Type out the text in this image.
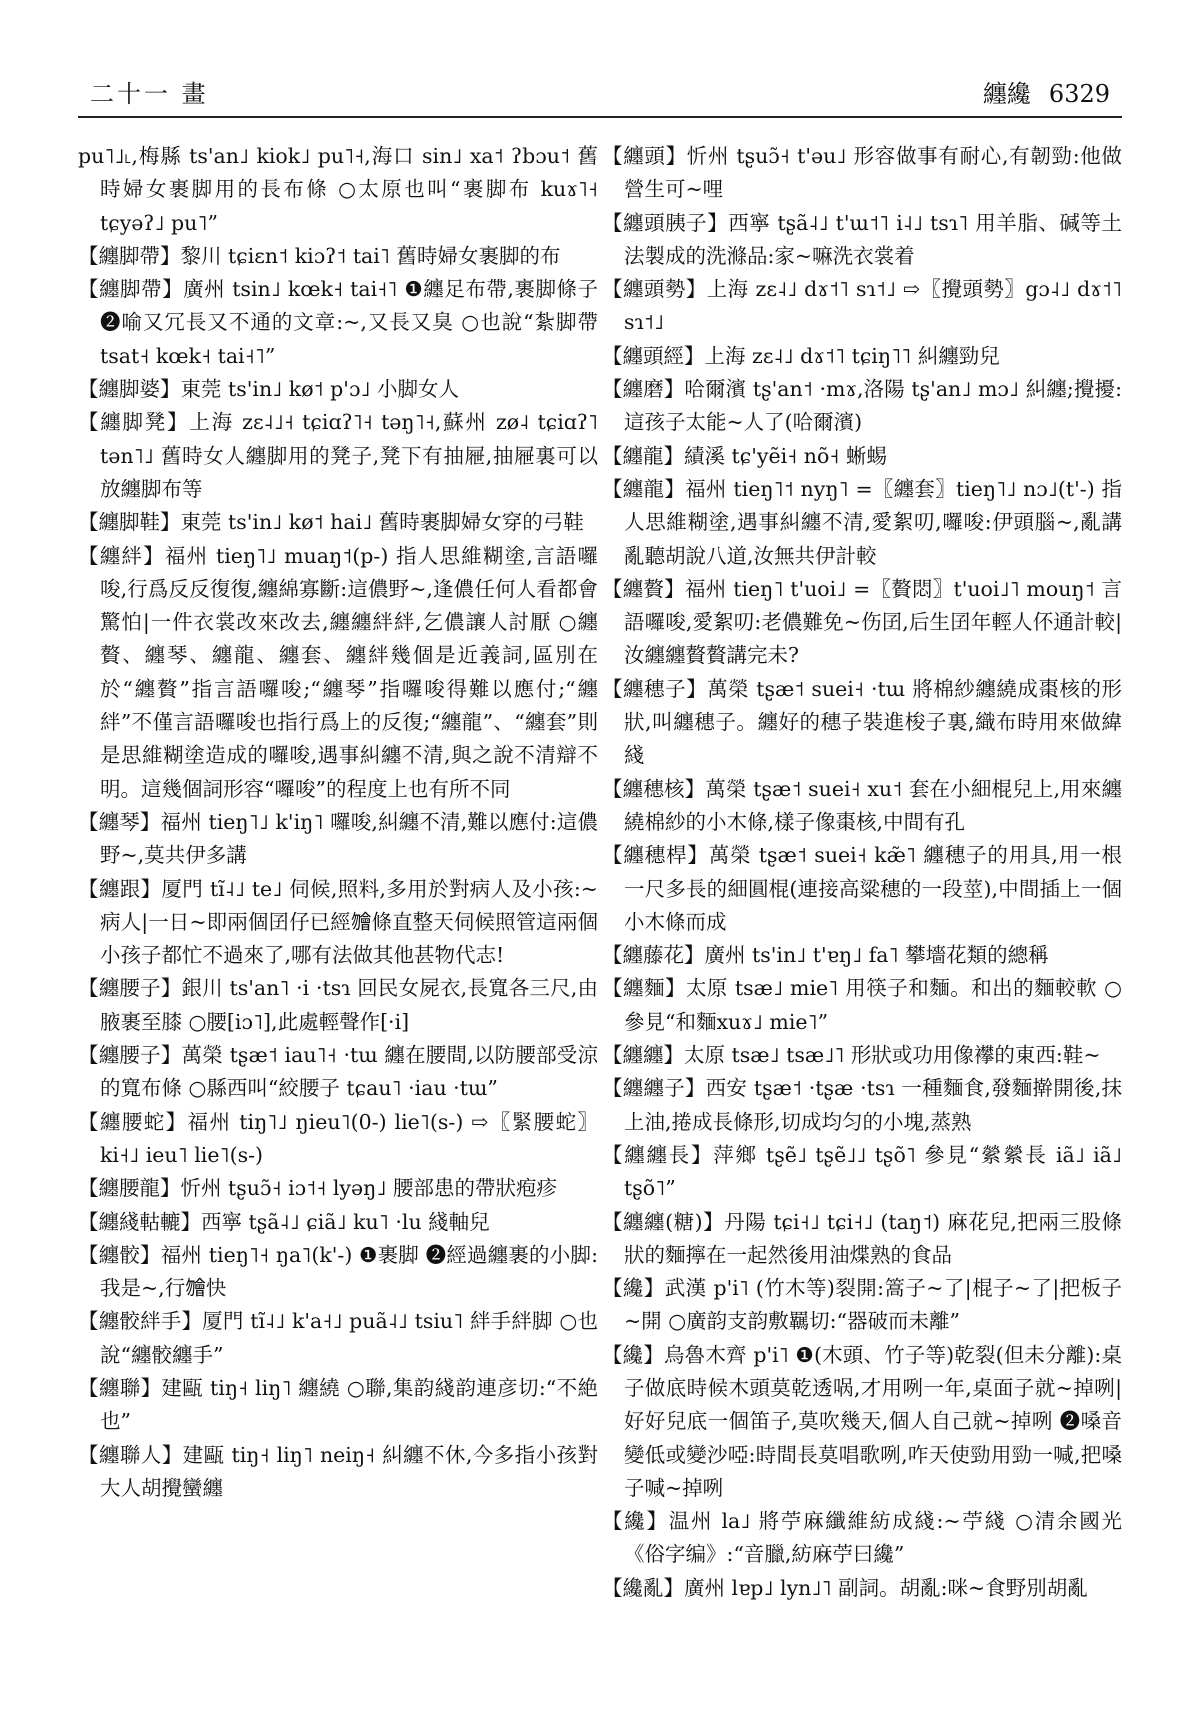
二十一 畫	纏纔 6329

pu˥˩˪,梅縣 ts'an˩ kiok˩ pu˥˧,海口 sin˩ xa˦ ʔbɔu˦ 舊時婦女裹脚用的長布條 ○太原也叫“裹脚布 kuɤ˥˧ tɕyəʔ˩ pu˥”

【纏脚帶】黎川 tɕiɛn˦ kiɔʔ˦ tai˥ 舊時婦女裹脚的布

【纏脚帶】廣州 tsin˩ kœk˧ tai˧˥ ❶纏足布帶,裹脚條子 ❷喻又冗長又不通的文章:~,又長又臭 ○也說“紮脚帶 tsat˧ kœk˧ tai˧˥”

【纏脚婆】東莞 ts'in˩ kø˦ p'ɔ˩ 小脚女人

【纏脚凳】上海 zɛ˨˩˧ tɕiɑʔ˥˧ təŋ˥˧,蘇州 zø˨ tɕiɑʔ˥ tən˥˩ 舊時女人纏脚用的凳子,凳下有抽屜,抽屜裏可以放纏脚布等

【纏脚鞋】東莞 ts'in˩ kø˦ hai˩ 舊時裹脚婦女穿的弓鞋

【纏絆】福州 tieŋ˥˩ muaŋ˦(p-) 指人思維糊塗,言語囉唆,行爲反反復復,纏綿寡斷:這儂野~,逢儂任何人看都會驚怕|一件衣裳改來改去,纏纏絆絆,乞儂讓人討厭 ○纏贅、纏琴、纏龍、纏套、纏絆幾個是近義詞,區別在於“纏贅”指言語囉唆;“纏琴”指囉唆得難以應付;“纏絆”不僅言語囉唆也指行爲上的反復;“纏龍”、“纏套”則是思維糊塗造成的囉唆,遇事糾纏不清,與之說不清辯不明。這幾個詞形容“囉唆”的程度上也有所不同

【纏琴】福州 tieŋ˥˩ k'iŋ˥ 囉唆,糾纏不清,難以應付:這儂野~,莫共伊多講

【纏跟】厦門 tĩ˨˩ te˩ 伺候,照料,多用於對病人及小孩:~病人|一日~即兩個囝仔已經𣍐條直整天伺候照管這兩個小孩子都忙不過來了,哪有法做其他甚物代志!

【纏腰子】銀川 ts'an˥ ·i ·tsɿ 回民女屍衣,長寬各三尺,由腋裹至膝 ○腰[iɔ˥],此處輕聲作[·i]

【纏腰子】萬榮 tʂæ˦ iau˥˧ ·tɯ 纏在腰間,以防腰部受涼的寬布條 ○縣西叫“絞腰子 tɕau˥ ·iau ·tɯ”

【纏腰蛇】福州 tiŋ˥˩ ŋieu˥(0-) lie˥(s-) ⇨〖緊腰蛇〗ki˧˩ ieu˥ lie˥(s-)

【纏腰龍】忻州 tʂuɔ̃˧ iɔ˦˧ lyəŋ˩ 腰部患的帶狀疱疹

【纏綫軲轆】西寧 tʂã˨˩ ɕiã˩ ku˥ ·lu 綫軸兒

【纏骹】福州 tieŋ˥˧ ŋa˥(k'-) ❶裹脚 ❷經過纏裹的小脚:我是~,行𣍐快

【纏骹絆手】厦門 tĩ˨˩ k'a˧˩ puã˨˩ tsiu˥ 絆手絆脚 ○也說“纏骹纏手”

【纏聯】建甌 tiŋ˧ liŋ˥ 纏繞 ○聯,集韵綫韵連彦切:“不絶也”

【纏聯人】建甌 tiŋ˧ liŋ˥ neiŋ˧ 糾纏不休,今多指小孩對大人胡攪蠻纏

【纏頭】忻州 tʂuɔ̃˧ t'əu˩ 形容做事有耐心,有韌勁:他做營生可~哩

【纏頭胰子】西寧 tʂã˨˩ t'ɯ˦˥ i˨˩ tsɿ˥ 用羊脂、碱等土法製成的洗滌品:家~嘛洗衣裳着

【纏頭勢】上海 zɛ˨˩ dɤ˦˥ sɿ˦˩ ⇨〖攪頭勢〗gɔ˨˩ dɤ˦˥ sɿ˦˩

【纏頭經】上海 zɛ˨˩ dɤ˦˥ tɕiŋ˥˥ 糾纏勁兒

【纏磨】哈爾濱 tʂ'an˦ ·mɤ,洛陽 tʂ'an˩ mɔ˩ 糾纏;攪擾:這孩子太能~人了(哈爾濱)

【纏龍】績溪 tɕ'yẽi˧ nõ˧ 蜥蜴

【纏龍】福州 tieŋ˥˦ nyŋ˥ =〖纏套〗tieŋ˥˩ nɔ˩(t'-) 指人思維糊塗,遇事糾纏不清,愛絮叨,囉唆:伊頭腦~,亂講亂聽胡說八道,汝無共伊計較

【纏贅】福州 tieŋ˥ t'uoi˩ =〖贅悶〗t'uoi˩˥ mouŋ˦ 言語囉唆,愛絮叨:老儂難免~伤囝,后生囝年輕人伓通計較|汝纏纏贅贅講完未?

【纏穗子】萬榮 tʂæ˦ suei˧ ·tɯ 將棉紗纏繞成棗核的形狀,叫纏穗子。纏好的穗子裝進梭子裏,織布時用來做緯綫

【纏穗核】萬榮 tʂæ˦ suei˧ xu˦ 套在小細棍兒上,用來纏繞棉紗的小木條,樣子像棗核,中間有孔

【纏穗桿】萬榮 tʂæ˦ suei˧ kæ̃˥ 纏穗子的用具,用一根一尺多長的細圓棍(連接高粱穗的一段莖),中間插上一個小木條而成

【纏藤花】廣州 ts'in˩ t'ɐŋ˩ fa˥ 攀墻花類的總稱

【纏麵】太原 tsæ˩ mie˥ 用筷子和麵。和出的麵較軟 ○參見“和麵xuɤ˩ mie˥”

【纏纏】太原 tsæ˩ tsæ˩˥ 形狀或功用像襻的東西:鞋~

【纏纏子】西安 tʂæ˦ ·tʂæ ·tsɿ 一種麵食,發麵擀開後,抹上油,捲成長條形,切成均匀的小塊,蒸熟

【纏纏長】萍鄉 tʂẽ˩ tʂẽ˩˩ tʂõ˥ 參見“縈縈長 iã˩ iã˩ tʂõ˥”

【纏纏(糖)】丹陽 tɕi˧˩ tɕi˧˩ (taŋ˦) 麻花兒,把兩三股條狀的麵擰在一起然後用油煠熟的食品

【纔】武漢 p'i˥ (竹木等)裂開:篙子~了|棍子~了|把板子~開 ○廣韵支韵敷羈切:“器破而未離”

【纔】烏魯木齊 p'i˥ ❶(木頭、竹子等)乾裂(但未分離):桌子做底時候木頭莫乾透㖞,才用咧一年,桌面子就~掉咧|好好兒底一個笛子,莫吹幾天,個人自己就~掉咧 ❷嗓音變低或變沙啞:時間長莫唱歌咧,咋天使勁用勁一喊,把嗓子喊~掉咧

【纔】温州 la˩ 將苧麻纖維紡成綫:~苧綫 ○清余國光《俗字编》:“音臘,紡麻苧曰纔”

【纔亂】廣州 lɐp˩ lyn˩˥ 副詞。胡亂:咪~食野別胡亂
